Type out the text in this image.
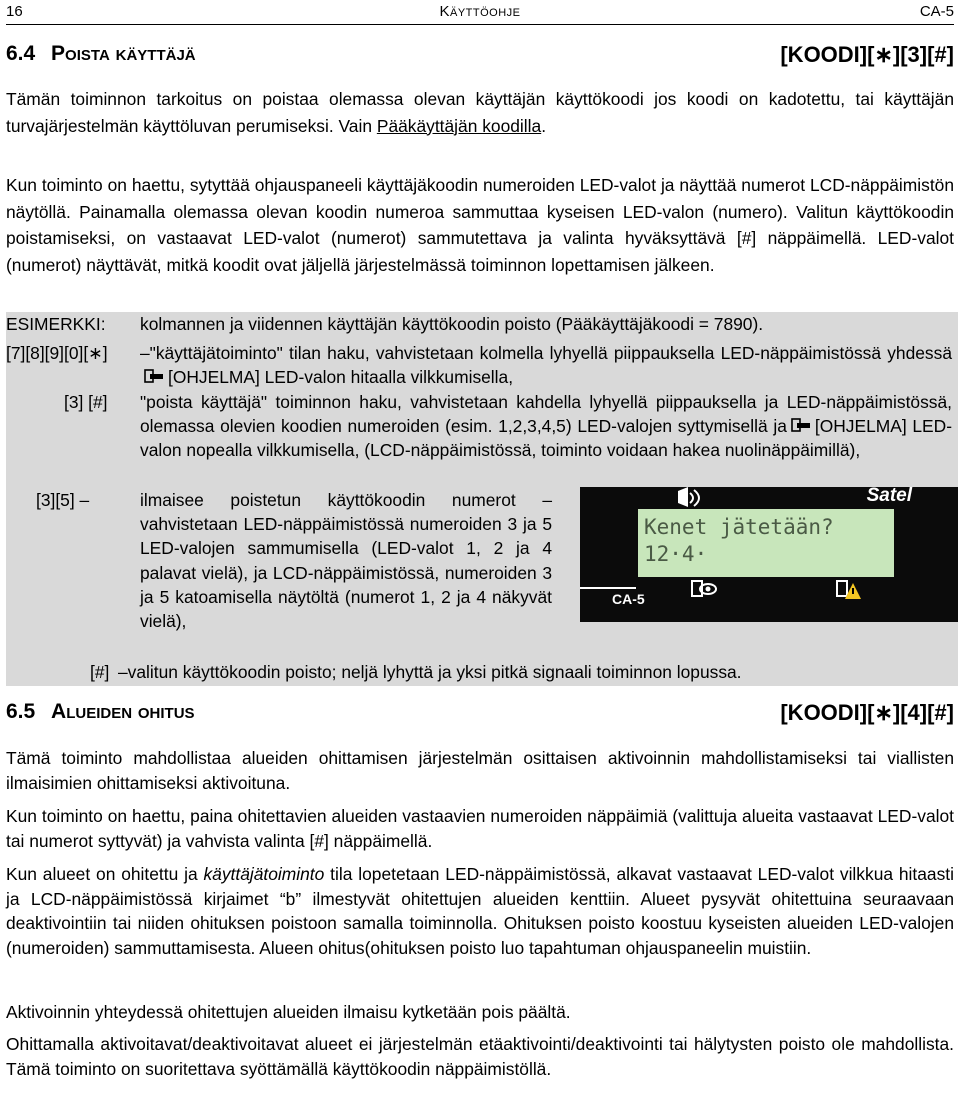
16	Käyttöohje	CA-5
6.4 Poista käyttäjä	[KOODI][∗][3][#]

Tämän toiminnon tarkoitus on poistaa olemassa olevan käyttäjän käyttökoodi jos koodi on kadotettu, tai käyttäjän turvajärjestelmän käyttöluvan perumiseksi. Vain Pääkäyttäjän koodilla.

Kun toiminto on haettu, sytyttää ohjauspaneeli käyttäjäkoodin numeroiden LED-valot ja näyttää numerot LCD-näppäimistön näytöllä. Painamalla olemassa olevan koodin numeroa sammuttaa kyseisen LED-valon (numero). Valitun käyttökoodin poistamiseksi, on vastaavat LED-valot (numerot) sammutettava ja valinta hyväksyttävä [#] näppäimellä. LED-valot (numerot) näyttävät, mitkä koodit ovat jäljellä järjestelmässä toiminnon lopettamisen jälkeen.

ESIMERKKI: kolmannen ja viidennen käyttäjän käyttökoodin poisto (Pääkäyttäjäkoodi = 7890).
[7][8][9][0][∗] –"käyttäjätoiminto" tilan haku, vahvistetaan kolmella lyhyellä piippauksella LED-näppäimistössä yhdessä[OHJELMA] LED-valon hitaalla vilkkumisella,
[3] [#] "poista käyttäjä" toiminnon haku, vahvistetaan kahdella lyhyellä piippauksella ja LED-näppäimistössä, olemassa olevien koodien numeroiden (esim. 1,2,3,4,5) LED-valojen syttymisellä ja [OHJELMA] LED-valon nopealla vilkkumisella, (LCD-näppäimistössä, toiminto voidaan hakea nuolinäppäimillä),
[3][5] –	ilmaisee poistetun käyttökoodin numerot – vahvistetaan LED-näppäimistössä numeroiden 3 ja 5 LED-valojen sammumisella (LED-valot 1, 2 ja 4 palavat vielä), ja LCD-näppäimistössä, numeroiden 3 ja 5 katoamisella näytöltä (numerot 1, 2 ja 4 näkyvät vielä),
[#] –valitun käyttökoodin poisto; neljä lyhyttä ja yksi pitkä signaali toiminnon lopussa.
Satel
Kenet jätetään?
12·4·
CA-5
6.5 Alueiden ohitus	[KOODI][∗][4][#]

Tämä toiminto mahdollistaa alueiden ohittamisen järjestelmän osittaisen aktivoinnin mahdollistamiseksi tai viallisten ilmaisimien ohittamiseksi aktivoituna.

Kun toiminto on haettu, paina ohitettavien alueiden vastaavien numeroiden näppäimiä (valittuja alueita vastaavat LED-valot tai numerot syttyvät) ja vahvista valinta [#] näppäimellä.

Kun alueet on ohitettu ja käyttäjätoiminto tila lopetetaan LED-näppäimistössä, alkavat vastaavat LED-valot vilkkua hitaasti ja LCD-näppäimistössä kirjaimet “b” ilmestyvät ohitettujen alueiden kenttiin. Alueet pysyvät ohitettuina seuraavaan deaktivointiin tai niiden ohituksen poistoon samalla toiminnolla. Ohituksen poisto koostuu kyseisten alueiden LED-valojen (numeroiden) sammuttamisesta. Alueen ohitus(ohituksen poisto luo tapahtuman ohjauspaneelin muistiin.

Aktivoinnin yhteydessä ohitettujen alueiden ilmaisu kytketään pois päältä.

Ohittamalla aktivoitavat/deaktivoitavat alueet ei järjestelmän etäaktivointi/deaktivointi tai hälytysten poisto ole mahdollista. Tämä toiminto on suoritettava syöttämällä käyttökoodin näppäimistöllä.
